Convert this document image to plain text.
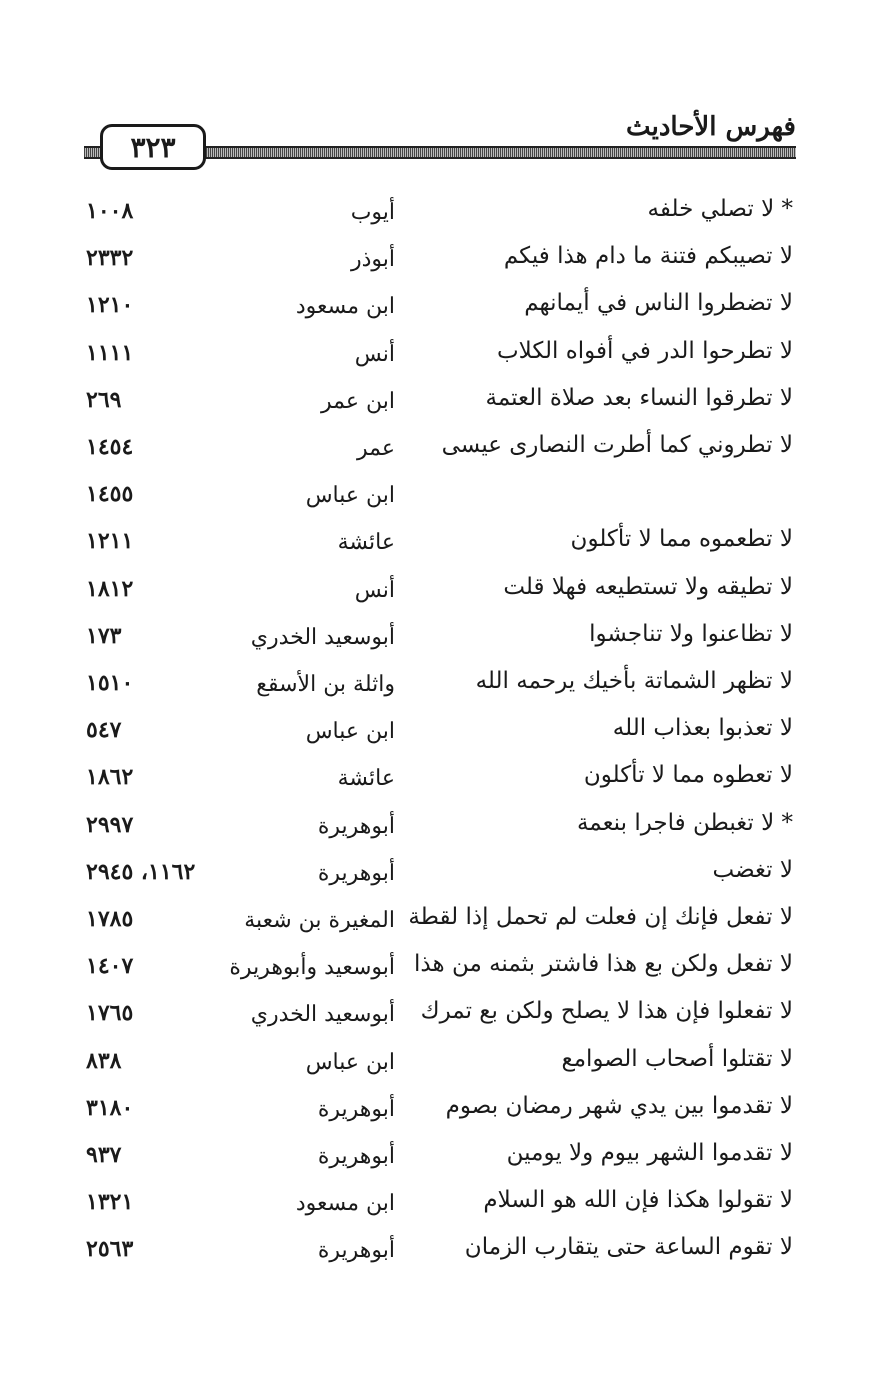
٣٢٣
فهرس الأحاديث
* لا تصلي خلفه
أيوب
١٠٠٨
لا تصيبكم فتنة ما دام هذا فيكم
أبوذر
٢٣٣٢
لا تضطروا الناس في أيمانهم
ابن مسعود
١٢١٠
لا تطرحوا الدر في أفواه الكلاب
أنس
١١١١
لا تطرقوا النساء بعد صلاة العتمة
ابن عمر
٢٦٩
لا تطروني كما أطرت النصارى عيسى
عمر
١٤٥٤
ابن عباس
١٤٥٥
لا تطعموه مما لا تأكلون
عائشة
١٢١١
لا تطيقه ولا تستطيعه فهلا قلت
أنس
١٨١٢
لا تظاعنوا ولا تناجشوا
أبوسعيد الخدري
١٧٣
لا تظهر الشماتة بأخيك يرحمه الله
واثلة بن الأسقع
١٥١٠
لا تعذبوا بعذاب الله
ابن عباس
٥٤٧
لا تعطوه مما لا تأكلون
عائشة
١٨٦٢
* لا تغبطن فاجرا بنعمة
أبوهريرة
٢٩٩٧
لا تغضب
أبوهريرة
١١٦٢، ٢٩٤٥
لا تفعل فإنك إن فعلت لم تحمل إذا لقطة
المغيرة بن شعبة
١٧٨٥
لا تفعل ولكن بع هذا فاشتر بثمنه من هذا
أبوسعيد وأبوهريرة
١٤٠٧
لا تفعلوا فإن هذا لا يصلح ولكن بع تمرك
أبوسعيد الخدري
١٧٦٥
لا تقتلوا أصحاب الصوامع
ابن عباس
٨٣٨
لا تقدموا بين يدي شهر رمضان بصوم
أبوهريرة
٣١٨٠
لا تقدموا الشهر بيوم ولا يومين
أبوهريرة
٩٣٧
لا تقولوا هكذا فإن الله هو السلام
ابن مسعود
١٣٢١
لا تقوم الساعة حتى يتقارب الزمان
أبوهريرة
٢٥٦٣
